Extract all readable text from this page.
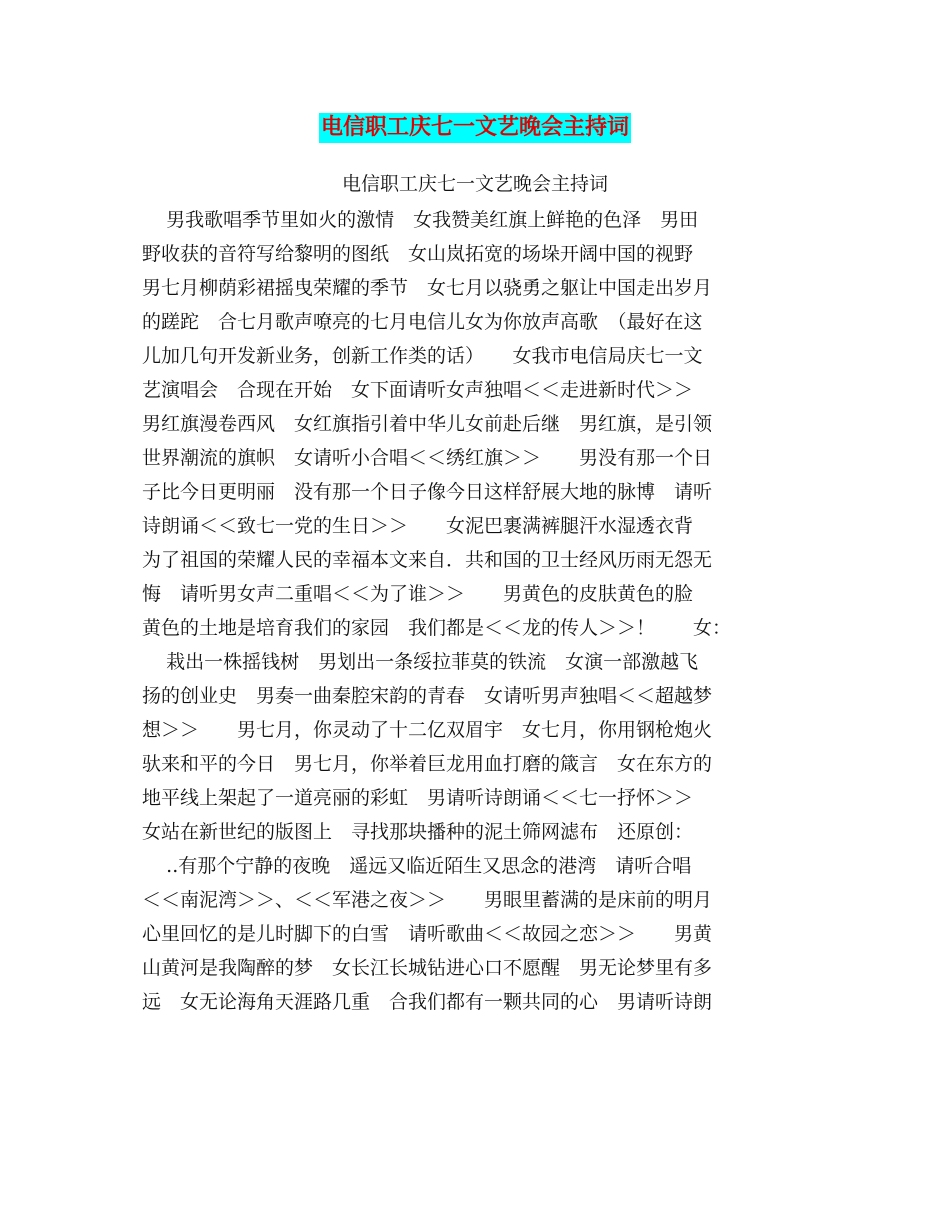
电信职工庆七一文艺晚会主持词
电信职工庆七一文艺晚会主持词
男我歌唱季节里如火的激情　女我赞美红旗上鲜艳的色泽　男田
野收获的音符写给黎明的图纸　女山岚拓宽的场垛开阔中国的视野
男七月柳荫彩裙摇曳荣耀的季节　女七月以骁勇之躯让中国走出岁月
的蹉跎　合七月歌声嘹亮的七月电信儿女为你放声高歌　（最好在这
儿加几句开发新业务，创新工作类的话）　　女我市电信局庆七一文
艺演唱会　合现在开始　女下面请听女声独唱＜＜走进新时代＞＞
男红旗漫卷西风　女红旗指引着中华儿女前赴后继　男红旗，是引领
世界潮流的旗帜　女请听小合唱＜＜绣红旗＞＞　　男没有那一个日
子比今日更明丽　没有那一个日子像今日这样舒展大地的脉博　请听
诗朗诵＜＜致七一党的生日＞＞　　女泥巴裹满裤腿汗水湿透衣背
为了祖国的荣耀人民的幸福本文来自．共和国的卫士经风历雨无怨无
悔　请听男女声二重唱＜＜为了谁＞＞　　男黄色的皮肤黄色的脸
黄色的土地是培育我们的家园　我们都是＜＜龙的传人＞＞！　　女：
栽出一株摇钱树　男划出一条绥拉菲莫的铁流　女演一部激越飞
扬的创业史　男奏一曲秦腔宋韵的青春　女请听男声独唱＜＜超越梦
想＞＞　　男七月，你灵动了十二亿双眉宇　女七月，你用钢枪炮火
驮来和平的今日　男七月，你举着巨龙用血打磨的箴言　女在东方的
地平线上架起了一道亮丽的彩虹　男请听诗朗诵＜＜七一抒怀＞＞
女站在新世纪的版图上　寻找那块播种的泥土筛网滤布　还原创：
..有那个宁静的夜晚　遥远又临近陌生又思念的港湾　请听合唱
＜＜南泥湾＞＞、＜＜军港之夜＞＞　　男眼里蓄满的是床前的明月
心里回忆的是儿时脚下的白雪　请听歌曲＜＜故园之恋＞＞　　男黄
山黄河是我陶醉的梦　女长江长城钻进心口不愿醒　男无论梦里有多
远　女无论海角天涯路几重　合我们都有一颗共同的心　男请听诗朗
